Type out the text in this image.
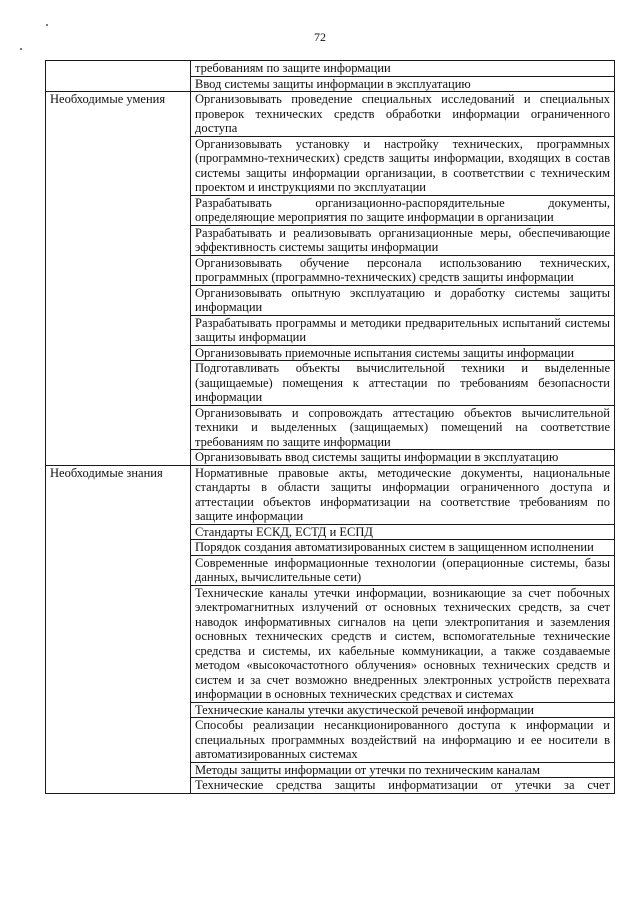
72
	требованиям по защите информации
	Ввод системы защиты информации в эксплуатацию
Необходимые умения	Организовывать проведение специальных исследований и специальных проверок технических средств обработки информации ограниченного доступа
	Организовывать установку и настройку технических, программных (программно-технических) средств защиты информации, входящих в состав системы защиты информации организации, в соответствии с техническим проектом и инструкциями по эксплуатации
	Разрабатывать организационно-распорядительные документы, определяющие мероприятия по защите информации в организации
	Разрабатывать и реализовывать организационные меры, обеспечивающие эффективность системы защиты информации
	Организовывать обучение персонала использованию технических, программных (программно-технических) средств защиты информации
	Организовывать опытную эксплуатацию и доработку системы защиты информации
	Разрабатывать программы и методики предварительных испытаний системы защиты информации
	Организовывать приемочные испытания системы защиты информации
	Подготавливать объекты вычислительной техники и выделенные (защищаемые) помещения к аттестации по требованиям безопасности информации
	Организовывать и сопровождать аттестацию объектов вычислительной техники и выделенных (защищаемых) помещений на соответствие требованиям по защите информации
	Организовывать ввод системы защиты информации в эксплуатацию
Необходимые знания	Нормативные правовые акты, методические документы, национальные стандарты в области защиты информации ограниченного доступа и аттестации объектов информатизации на соответствие требованиям по защите информации
	Стандарты ЕСКД, ЕСТД и ЕСПД
	Порядок создания автоматизированных систем в защищенном исполнении
	Современные информационные технологии (операционные системы, базы данных, вычислительные сети)
	Технические каналы утечки информации, возникающие за счет побочных электромагнитных излучений от основных технических средств, за счет наводок информативных сигналов на цепи электропитания и заземления основных технических средств и систем, вспомогательные технические средства и системы, их кабельные коммуникации, а также создаваемые методом «высокочастотного облучения» основных технических средств и систем и за счет возможно внедренных электронных устройств перехвата информации в основных технических средствах и системах
	Технические каналы утечки акустической речевой информации
	Способы реализации несанкционированного доступа к информации и специальных программных воздействий на информацию и ее носители в автоматизированных системах
	Методы защиты информации от утечки по техническим каналам
	Технические средства защиты информатизации от утечки за счет
